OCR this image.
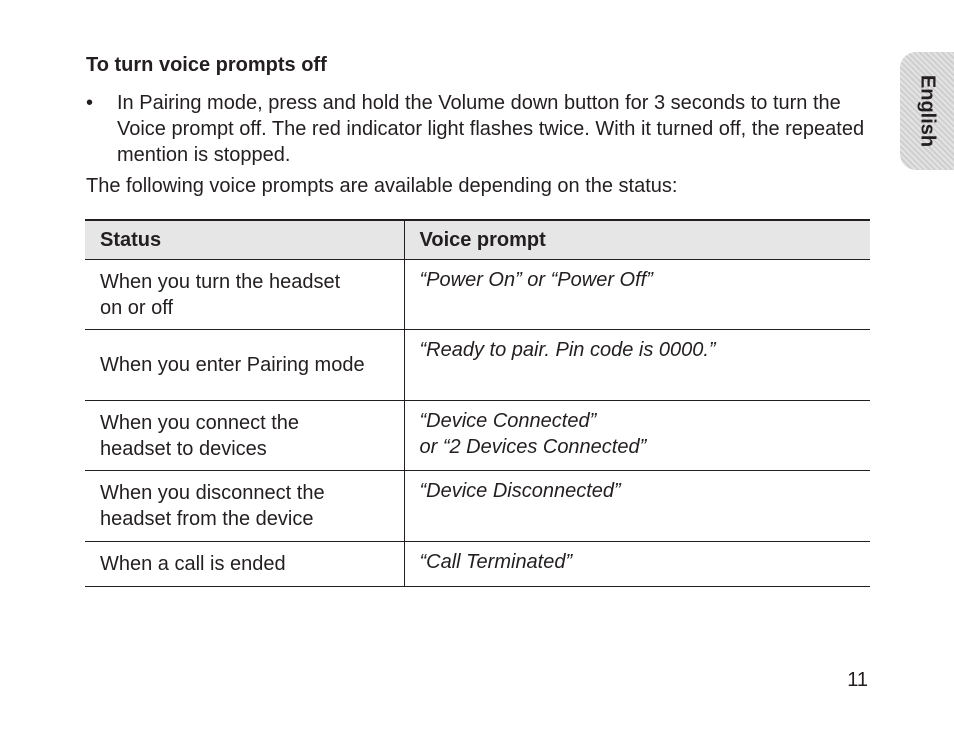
English
To turn voice prompts off
• In Pairing mode, press and hold the Volume down button for 3 seconds to turn the Voice prompt off. The red indicator light flashes twice. With it turned off, the repeated mention is stopped.
The following voice prompts are available depending on the status:
Status	Voice prompt
When you turn the headset
on or off	“Power On” or “Power Off”
When you enter Pairing mode	“Ready to pair. Pin code is 0000.”
When you connect the
headset to devices	“Device Connected”
or “2 Devices Connected”
When you disconnect the
headset from the device	“Device Disconnected”
When a call is ended	“Call Terminated”
11
